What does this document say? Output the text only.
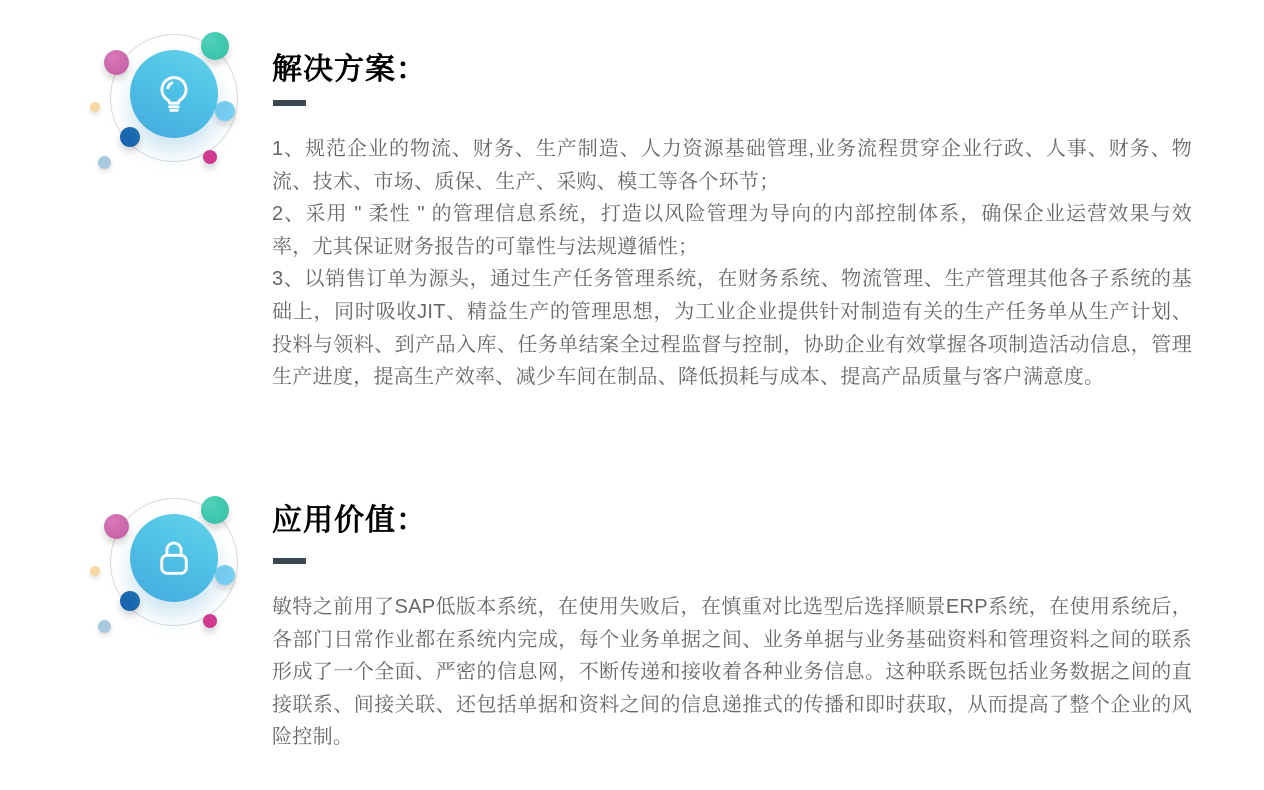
解决方案：

1、规范企业的物流、财务、生产制造、人力资源基础管理,业务流程贯穿企业行政、人事、财务、物流、技术、市场、质保、生产、采购、模工等各个环节；

2、采用 " 柔性 " 的管理信息系统，打造以风险管理为导向的内部控制体系，确保企业运营效果与效率，尤其保证财务报告的可靠性与法规遵循性；

3、以销售订单为源头，通过生产任务管理系统，在财务系统、物流管理、生产管理其他各子系统的基础上，同时吸收JIT、精益生产的管理思想，为工业企业提供针对制造有关的生产任务单从生产计划、投料与领料、到产品入库、任务单结案全过程监督与控制，协助企业有效掌握各项制造活动信息，管理生产进度，提高生产效率、减少车间在制品、降低损耗与成本、提高产品质量与客户满意度。

应用价值：

敏特之前用了SAP低版本系统，在使用失败后，在慎重对比选型后选择顺景ERP系统，在使用系统后，各部门日常作业都在系统内完成，每个业务单据之间、业务单据与业务基础资料和管理资料之间的联系形成了一个全面、严密的信息网，不断传递和接收着各种业务信息。这种联系既包括业务数据之间的直接联系、间接关联、还包括单据和资料之间的信息递推式的传播和即时获取，从而提高了整个企业的风险控制。
